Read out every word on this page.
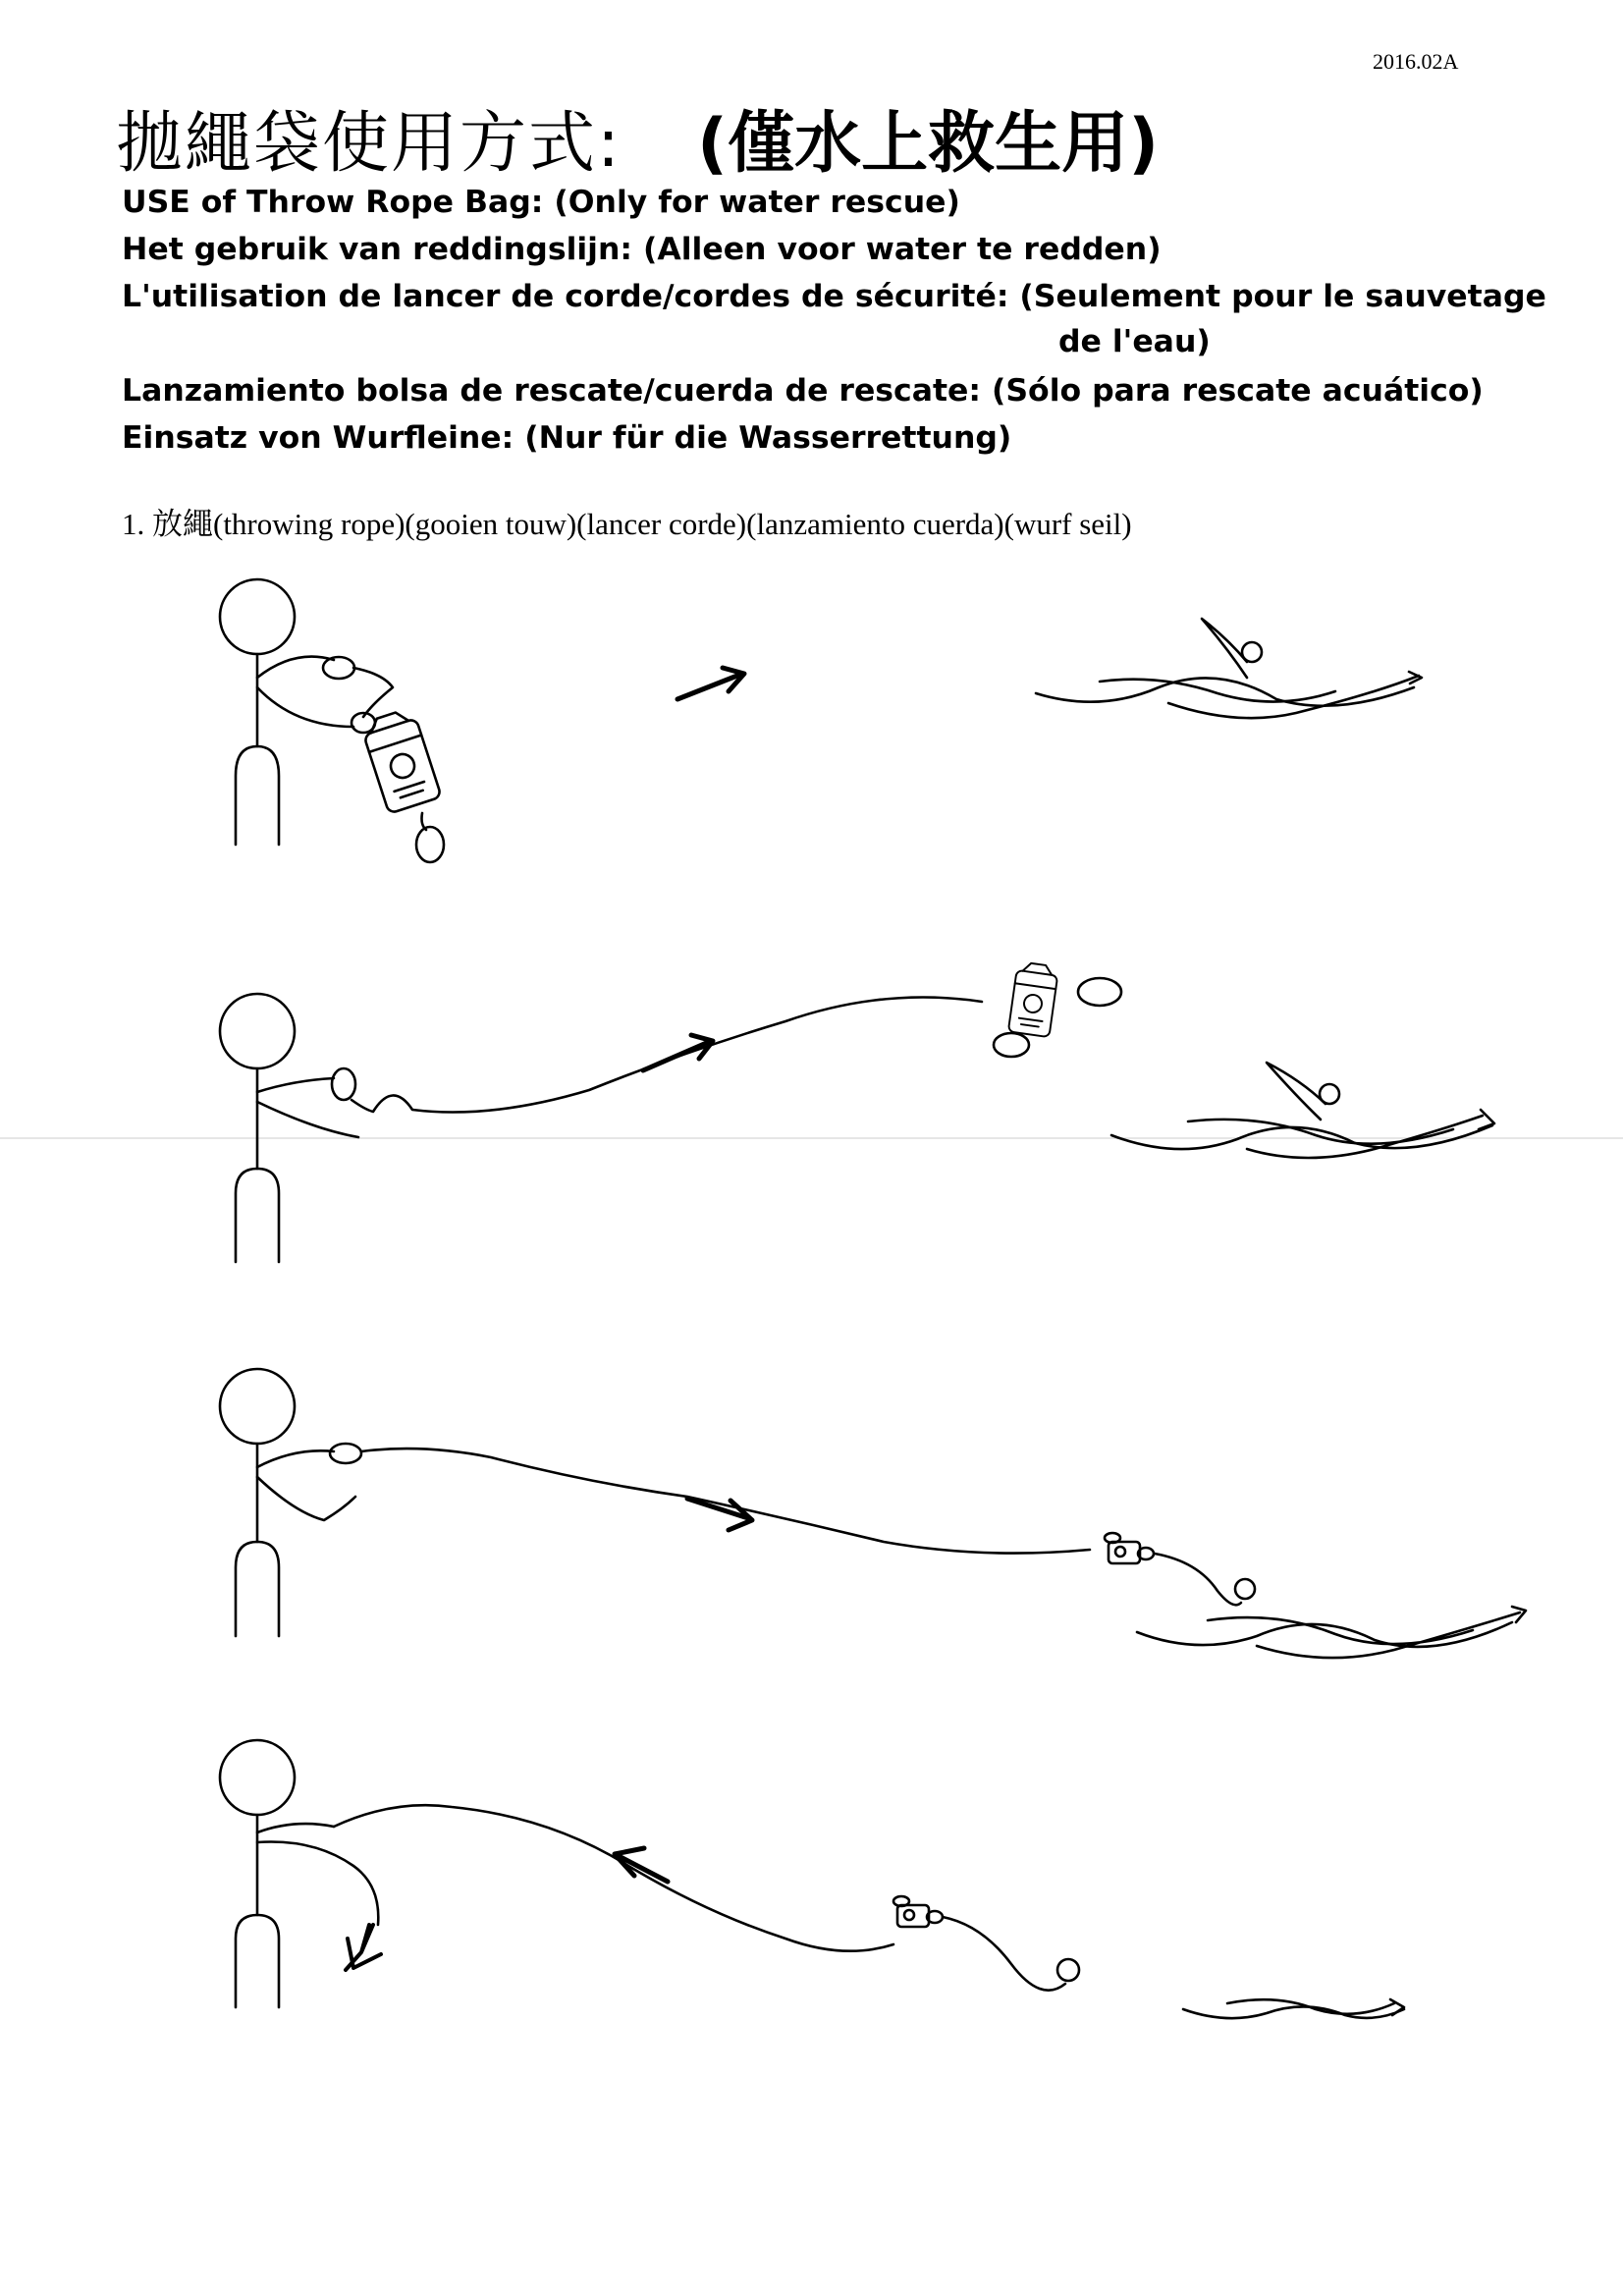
2016.02A
拋繩袋使用方式: (僅水上救生用)
USE of Throw Rope Bag: (Only for water rescue)
Het gebruik van reddingslijn: (Alleen voor water te redden)
L'utilisation de lancer de corde/cordes de sécurité: (Seulement pour le sauvetage
de l'eau)
Lanzamiento bolsa de rescate/cuerda de rescate: (Sólo para rescate acuático)
Einsatz von Wurfleine: (Nur für die Wasserrettung)
1. 放繩(throwing rope)(gooien touw)(lancer corde)(lanzamiento cuerda)(wurf seil)
